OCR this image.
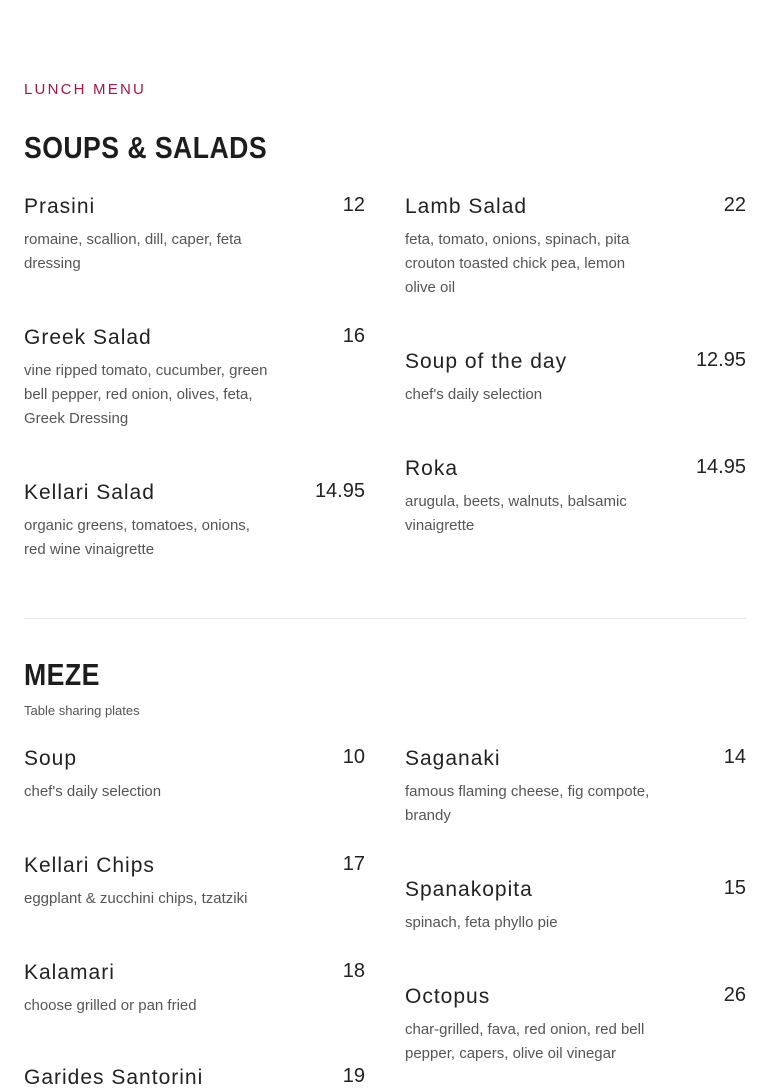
LUNCH MENU
SOUPS & SALADS
Prasini	12
romaine, scallion, dill, caper, feta dressing
Greek Salad	16
vine ripped tomato, cucumber, green bell pepper, red onion, olives, feta, Greek Dressing
Kellari Salad	14.95
organic greens, tomatoes, onions, red wine vinaigrette
Lamb Salad	22
feta, tomato, onions, spinach, pita crouton toasted chick pea, lemon olive oil
Soup of the day	12.95
chef's daily selection
Roka	14.95
arugula, beets, walnuts, balsamic vinaigrette
MEZE
Table sharing plates
Soup	10
chef's daily selection
Kellari Chips	17
eggplant & zucchini chips, tzatziki
Kalamari	18
choose grilled or pan fried
Garides Santorini	19
Saganaki	14
famous flaming cheese, fig compote, brandy
Spanakopita	15
spinach, feta phyllo pie
Octopus	26
char-grilled, fava, red onion, red bell pepper, capers, olive oil vinegar
